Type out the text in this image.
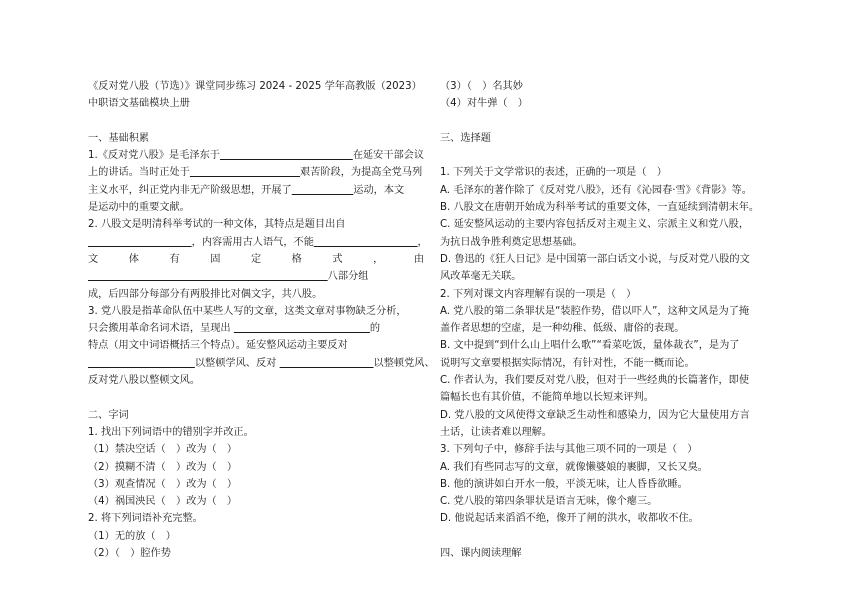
《反对党八股（节选）》课堂同步练习 2024 - 2025 学年高教版（2023）
中职语文基础模块上册
一、基础积累
1.《反对党八股》是毛泽东于	在延安干部会议
上的讲话。当时正处于	艰苦阶段，为提高全党马列
主义水平，纠正党内非无产阶级思想，开展了	运动，本文
是运动中的重要文献。
2. 八股文是明清科举考试的一种文体，其特点是题目出自
，内容需用古人语气，不能	，
文 体 有 固 定 格 式 ， 由
八部分组
成，后四部分每部分有两股排比对偶文字，共八股。
3. 党八股是指革命队伍中某些人写的文章，这类文章对事物缺乏分析，
只会搬用革命名词术语，呈现出	的
特点（用文中词语概括三个特点）。延安整风运动主要反对
以整顿学风、反对	以整顿党风、
反对党八股以整顿文风。
二、字词
1. 找出下列词语中的错别字并改正。
（1）禁决空话（　）改为（　）
（2）摸糊不清（　）改为（　）
（3）观查情况（　）改为（　）
（4）祸国泱民（　）改为（　）
2. 将下列词语补充完整。
（1）无的放（　）
（2）（　）腔作势
（3）（　）名其妙
（4）对牛弹（　）
三、选择题
1. 下列关于文学常识的表述，正确的一项是（　）
A. 毛泽东的著作除了《反对党八股》，还有《沁园春·雪》《背影》等。
B. 八股文在唐朝开始成为科举考试的重要文体，一直延续到清朝末年。
C. 延安整风运动的主要内容包括反对主观主义、宗派主义和党八股，
为抗日战争胜利奠定思想基础。
D. 鲁迅的《狂人日记》是中国第一部白话文小说，与反对党八股的文
风改革毫无关联。
2. 下列对课文内容理解有误的一项是（　）
A. 党八股的第二条罪状是“装腔作势，借以吓人”，这种文风是为了掩
盖作者思想的空虚，是一种幼稚、低级、庸俗的表现。
B. 文中提到“到什么山上唱什么歌”“看菜吃饭，量体裁衣”，是为了
说明写文章要根据实际情况，有针对性，不能一概而论。
C. 作者认为，我们要反对党八股，但对于一些经典的长篇著作，即使
篇幅长也有其价值，不能简单地以长短来评判。
D. 党八股的文风使得文章缺乏生动性和感染力，因为它大量使用方言
土话，让读者难以理解。
3. 下列句子中，修辞手法与其他三项不同的一项是（　）
A. 我们有些同志写的文章，就像懒婆娘的裹脚，又长又臭。
B. 他的演讲如白开水一般，平淡无味，让人昏昏欲睡。
C. 党八股的第四条罪状是语言无味，像个瘪三。
D. 他说起话来滔滔不绝，像开了闸的洪水，收都收不住。
四、课内阅读理解
